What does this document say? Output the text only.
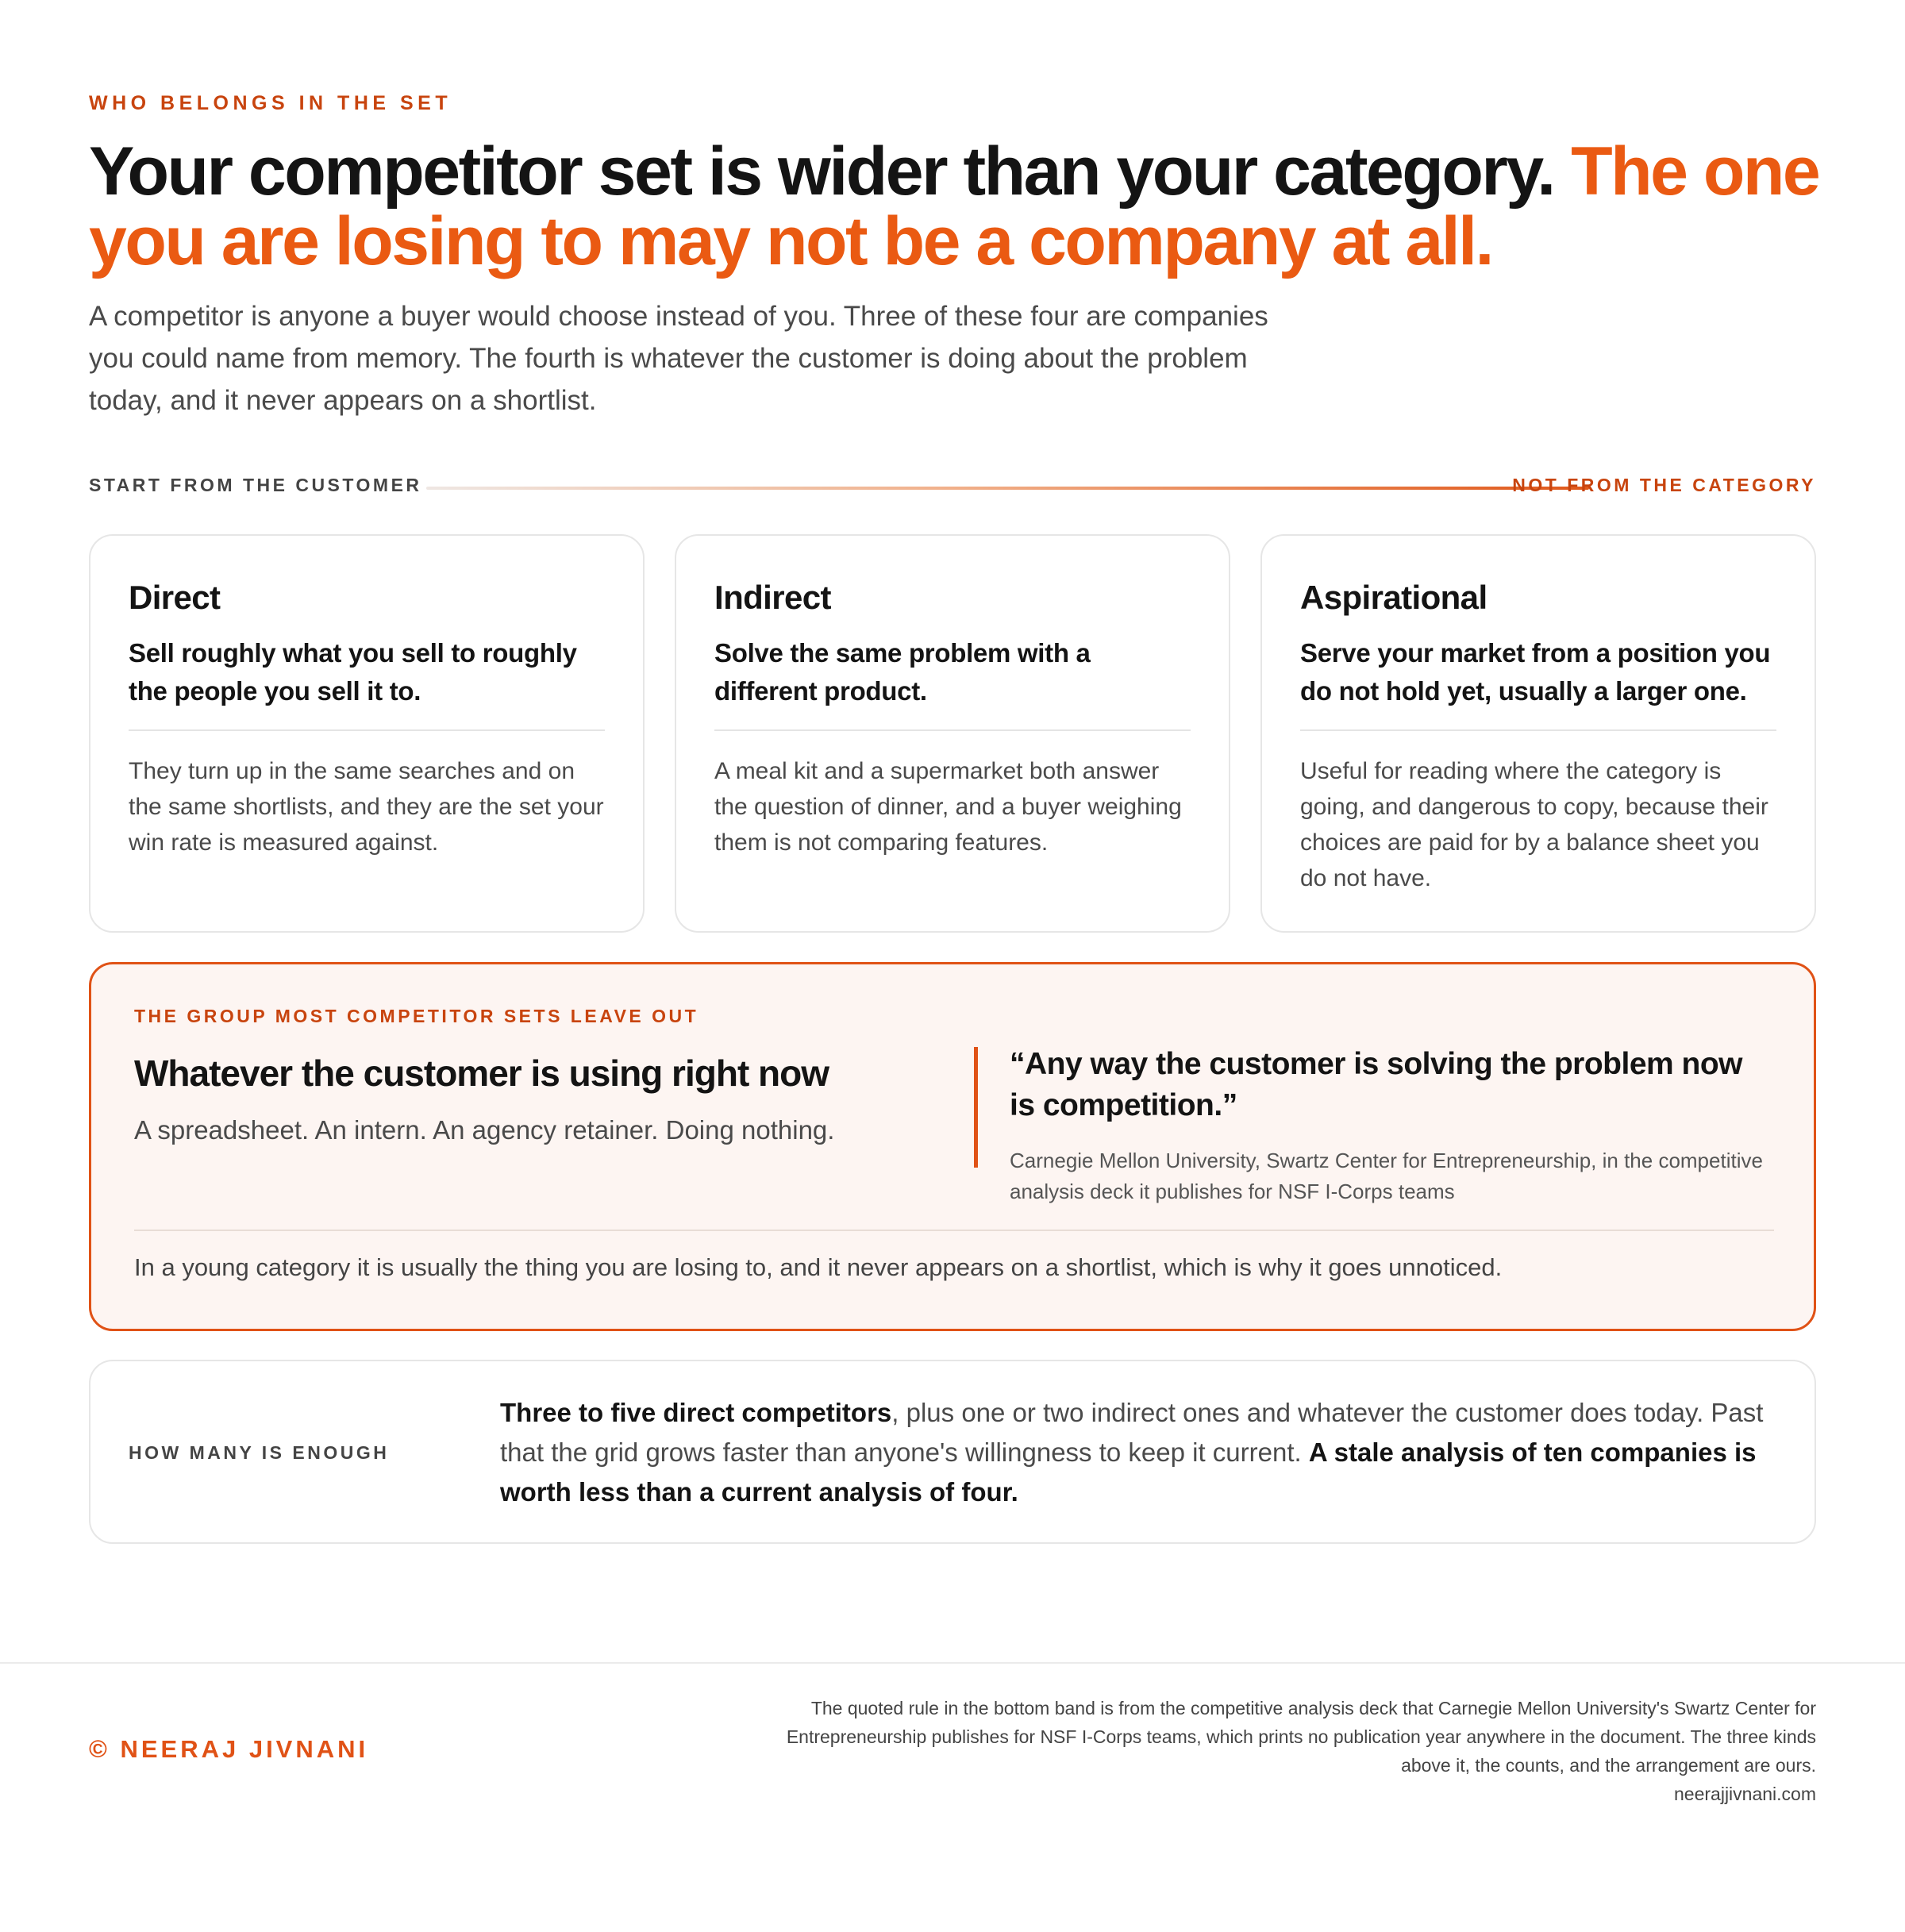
WHO BELONGS IN THE SET
Your competitor set is wider than your category. The one you are losing to may not be a company at all.

A competitor is anyone a buyer would choose instead of you. Three of these four are companies you could name from memory. The fourth is whatever the customer is doing about the problem today, and it never appears on a shortlist.

START FROM THE CUSTOMER	NOT FROM THE CATEGORY
Direct

Sell roughly what you sell to roughly the people you sell it to.

They turn up in the same searches and on the same shortlists, and they are the set your win rate is measured against.

Indirect

Solve the same problem with a different product.

A meal kit and a supermarket both answer the question of dinner, and a buyer weighing them is not comparing features.

Aspirational

Serve your market from a position you do not hold yet, usually a larger one.

Useful for reading where the category is going, and dangerous to copy, because their choices are paid for by a balance sheet you do not have.

THE GROUP MOST COMPETITOR SETS LEAVE OUT
Whatever the customer is using right now
A spreadsheet. An intern. An agency retainer. Doing nothing.
“Any way the customer is solving the problem now is competition.”
Carnegie Mellon University, Swartz Center for Entrepreneurship, in the competitive analysis deck it publishes for NSF I-Corps teams
In a young category it is usually the thing you are losing to, and it never appears on a shortlist, which is why it goes unnoticed.
HOW MANY IS ENOUGH

Three to five direct competitors, plus one or two indirect ones and whatever the customer does today. Past that the grid grows faster than anyone's willingness to keep it current. A stale analysis of ten companies is worth less than a current analysis of four.

© NEERAJ JIVNANI
The quoted rule in the bottom band is from the competitive analysis deck that Carnegie Mellon University's Swartz Center for Entrepreneurship publishes for NSF I-Corps teams, which prints no publication year anywhere in the document. The three kinds above it, the counts, and the arrangement are ours.
neerajjivnani.com
